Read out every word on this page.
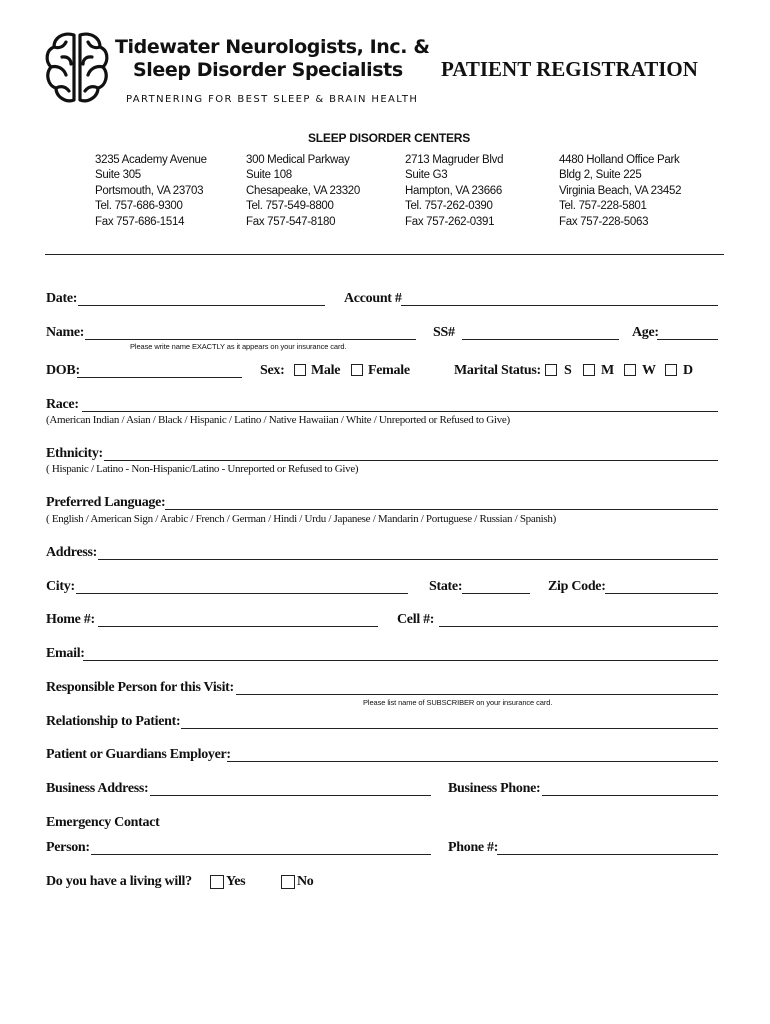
Tidewater Neurologists, Inc. &
Sleep Disorder Specialists
PARTNERING FOR BEST SLEEP & BRAIN HEALTH
PATIENT REGISTRATION
SLEEP DISORDER CENTERS
3235 Academy Avenue
Suite 305
Portsmouth, VA 23703
Tel. 757-686-9300
Fax 757-686-1514
300 Medical Parkway
Suite 108
Chesapeake, VA 23320
Tel. 757-549-8800
Fax 757-547-8180
2713 Magruder Blvd
Suite G3
Hampton, VA 23666
Tel. 757-262-0390
Fax 757-262-0391
4480 Holland Office Park
Bldg 2, Suite 225
Virginia Beach, VA 23452
Tel. 757-228-5801
Fax 757-228-5063
Date:	Account #
Name:
Please write name EXACTLY as it appears on your insurance card.
SS#	Age:
DOB:	Sex: Male Female	Marital Status: S M W D
Race:
(American Indian / Asian / Black / Hispanic / Latino / Native Hawaiian / White / Unreported or Refused to Give)
Ethnicity:
( Hispanic / Latino - Non-Hispanic/Latino - Unreported or Refused to Give)
Preferred Language:
( English / American Sign / Arabic / French / German / Hindi / Urdu / Japanese / Mandarin / Portuguese / Russian / Spanish)
Address:
City:	State:	Zip Code:
Home #:	Cell #:
Email:
Responsible Person for this Visit:
Please list name of SUBSCRIBER on your insurance card.
Relationship to Patient:
Patient or Guardians Employer:
Business Address:	Business Phone:
Emergency Contact
Person:	Phone #:
Do you have a living will? Yes	No
